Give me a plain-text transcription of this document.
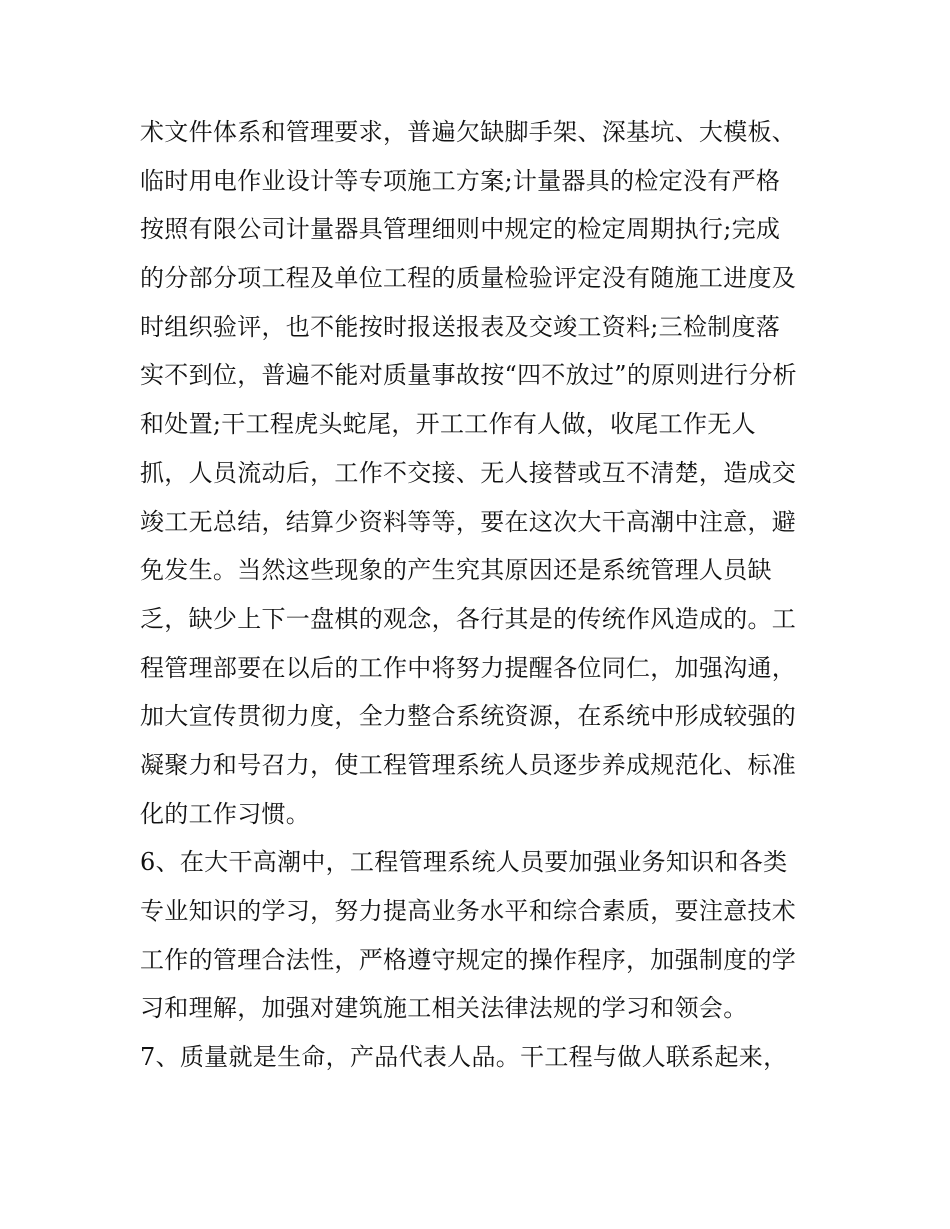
术文件体系和管理要求，普遍欠缺脚手架、深基坑、大模板、
临时用电作业设计等专项施工方案;计量器具的检定没有严格
按照有限公司计量器具管理细则中规定的检定周期执行;完成
的分部分项工程及单位工程的质量检验评定没有随施工进度及
时组织验评，也不能按时报送报表及交竣工资料;三检制度落
实不到位，普遍不能对质量事故按“四不放过”的原则进行分析
和处置;干工程虎头蛇尾，开工工作有人做，收尾工作无人
抓，人员流动后，工作不交接、无人接替或互不清楚，造成交
竣工无总结，结算少资料等等，要在这次大干高潮中注意，避
免发生。当然这些现象的产生究其原因还是系统管理人员缺
乏，缺少上下一盘棋的观念，各行其是的传统作风造成的。工
程管理部要在以后的工作中将努力提醒各位同仁，加强沟通，
加大宣传贯彻力度，全力整合系统资源，在系统中形成较强的
凝聚力和号召力，使工程管理系统人员逐步养成规范化、标准
化的工作习惯。
6、在大干高潮中，工程管理系统人员要加强业务知识和各类
专业知识的学习，努力提高业务水平和综合素质，要注意技术
工作的管理合法性，严格遵守规定的操作程序，加强制度的学
习和理解，加强对建筑施工相关法律法规的学习和领会。
7、质量就是生命，产品代表人品。干工程与做人联系起来，
